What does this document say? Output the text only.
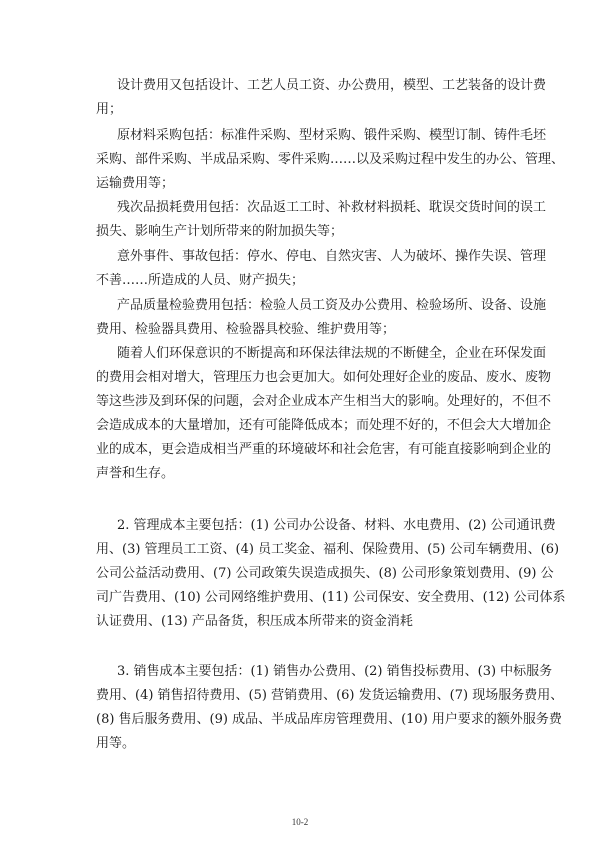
设计费用又包括设计、工艺人员工资、办公费用，模型、工艺装备的设计费
用；
原材料采购包括：标准件采购、型材采购、锻件采购、模型订制、铸件毛坯
采购、部件采购、半成品采购、零件采购……以及采购过程中发生的办公、管理、
运输费用等；
残次品损耗费用包括：次品返工工时、补救材料损耗、耽误交货时间的误工
损失、影响生产计划所带来的附加损失等；
意外事件、事故包括：停水、停电、自然灾害、人为破坏、操作失误、管理
不善……所造成的人员、财产损失；
产品质量检验费用包括：检验人员工资及办公费用、检验场所、设备、设施
费用、检验器具费用、检验器具校验、维护费用等；
随着人们环保意识的不断提高和环保法律法规的不断健全，企业在环保发面
的费用会相对增大，管理压力也会更加大。如何处理好企业的废品、废水、废物
等这些涉及到环保的问题，会对企业成本产生相当大的影响。处理好的，不但不
会造成成本的大量增加，还有可能降低成本；而处理不好的，不但会大大增加企
业的成本，更会造成相当严重的环境破坏和社会危害，有可能直接影响到企业的
声誉和生存。
2. 管理成本主要包括：(1) 公司办公设备、材料、水电费用、(2) 公司通讯费
用、(3) 管理员工工资、(4) 员工奖金、福利、保险费用、(5) 公司车辆费用、(6)
公司公益活动费用、(7) 公司政策失误造成损失、(8) 公司形象策划费用、(9) 公
司广告费用、(10) 公司网络维护费用、(11) 公司保安、安全费用、(12) 公司体系
认证费用、(13) 产品备货，积压成本所带来的资金消耗
3. 销售成本主要包括：(1) 销售办公费用、(2) 销售投标费用、(3) 中标服务
费用、(4) 销售招待费用、(5) 营销费用、(6) 发货运输费用、(7) 现场服务费用、
(8) 售后服务费用、(9) 成品、半成品库房管理费用、(10) 用户要求的额外服务费
用等。
10-2
